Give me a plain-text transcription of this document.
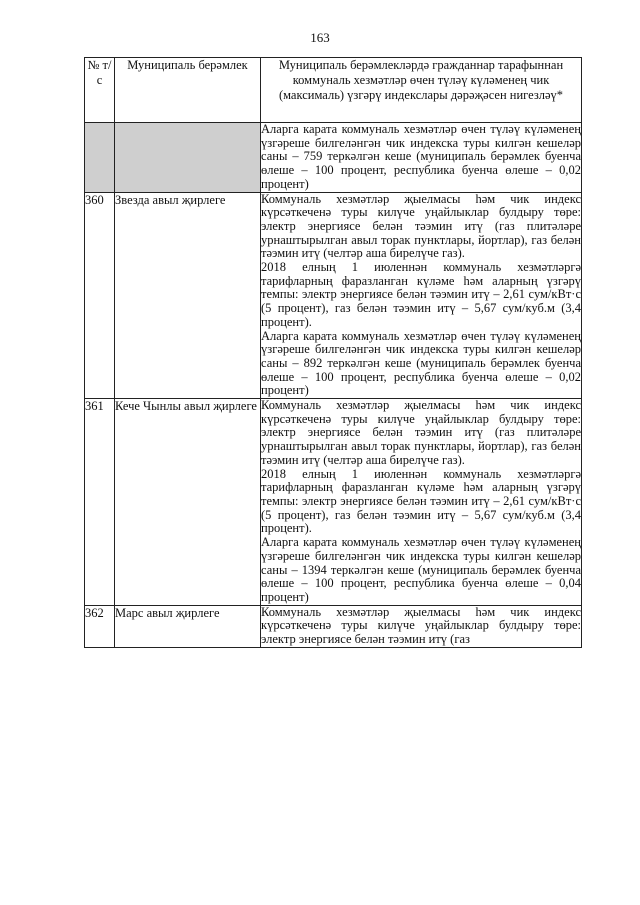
163
№ т/с	Муниципаль берәмлек	Муниципаль берәмлекләрдә гражданнар тарафыннан коммуналь хезмәтләр өчен түләү күләменең чик (максималь) үзгәрү индекслары дәрәҗәсен нигезләү*
		Аларга карата коммуналь хезмәтләр өчен түләү күләменең үзгәреше билгеләнгән чик индекска туры килгән кешеләр саны – 759 теркәлгән кеше (муниципаль берәмлек буенча өлеше – 100 процент, республика буенча өлеше – 0,02 процент)
360	Звезда авыл җирлеге	Коммуналь хезмәтләр җыелмасы һәм чик индекс күрсәткеченә туры килүче уңайлыклар булдыру төре: электр энергиясе белән тәэмин итү (газ плитәләре урнаштырылган авыл торак пунктлары, йортлар), газ белән тәэмин итү (челтәр аша бирелүче газ).

2018 елның 1 июленнән коммуналь хезмәтләргә тарифларның фаразланган күләме һәм аларның үзгәрү темпы: электр энергиясе белән тәэмин итү – 2,61 сум/кВт·с (5 процент), газ белән тәэмин итү – 5,67 сум/куб.м (3,4 процент).

Аларга карата коммуналь хезмәтләр өчен түләү күләменең үзгәреше билгеләнгән чик индекска туры килгән кешеләр саны – 892 теркәлгән кеше (муниципаль берәмлек буенча өлеше – 100 процент, республика буенча өлеше – 0,02 процент)

361	Кече Чынлы авыл җирлеге	Коммуналь хезмәтләр җыелмасы һәм чик индекс күрсәткеченә туры килүче уңайлыклар булдыру төре: электр энергиясе белән тәэмин итү (газ плитәләре урнаштырылган авыл торак пунктлары, йортлар), газ белән тәэмин итү (челтәр аша бирелүче газ).

2018 елның 1 июленнән коммуналь хезмәтләргә тарифларның фаразланган күләме һәм аларның үзгәрү темпы: электр энергиясе белән тәэмин итү – 2,61 сум/кВт·с (5 процент), газ белән тәэмин итү – 5,67 сум/куб.м (3,4 процент).

Аларга карата коммуналь хезмәтләр өчен түләү күләменең үзгәреше билгеләнгән чик индекска туры килгән кешеләр саны – 1394 теркәлгән кеше (муниципаль берәмлек буенча өлеше – 100 процент, республика буенча өлеше – 0,04 процент)

362	Марс авыл җирлеге	Коммуналь хезмәтләр җыелмасы һәм чик индекс күрсәткеченә туры килүче уңайлыклар булдыру төре: электр энергиясе белән тәэмин итү (газ
